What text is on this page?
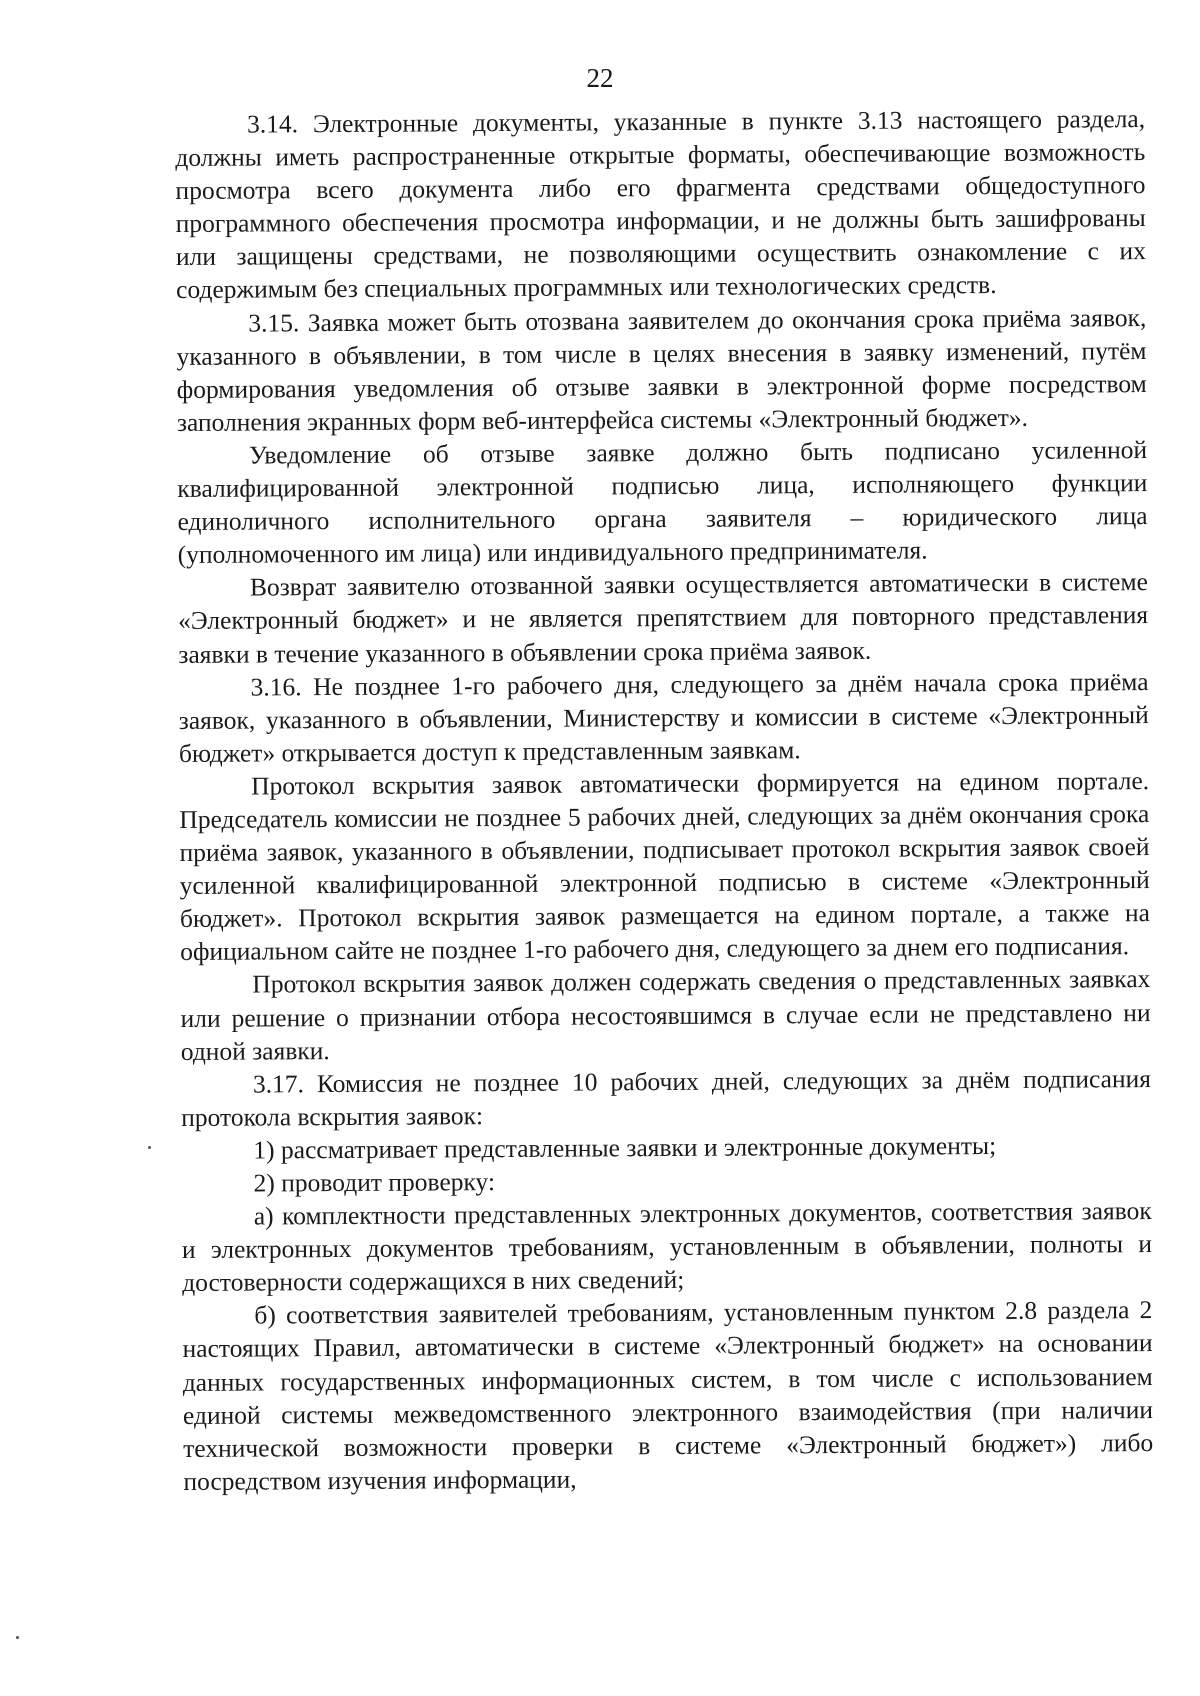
22

3.14. Электронные документы, указанные в пункте 3.13 настоящего раздела, должны иметь распространенные открытые форматы, обеспечивающие возможность просмотра всего документа либо его фрагмента средствами общедоступного программного обеспечения просмотра информации, и не должны быть зашифрованы или защищены средствами, не позволяющими осуществить ознакомление с их содержимым без специальных программных или технологических средств.

3.15. Заявка может быть отозвана заявителем до окончания срока приёма заявок, указанного в объявлении, в том числе в целях внесения в заявку изменений, путём формирования уведомления об отзыве заявки в электронной форме посредством заполнения экранных форм веб-интерфейса системы «Электронный бюджет».

Уведомление об отзыве заявке должно быть подписано усиленной квалифицированной электронной подписью лица, исполняющего функции единоличного исполнительного органа заявителя – юридического лица (уполномоченного им лица) или индивидуального предпринимателя.

Возврат заявителю отозванной заявки осуществляется автоматически в системе «Электронный бюджет» и не является препятствием для повторного представления заявки в течение указанного в объявлении срока приёма заявок.

3.16. Не позднее 1-го рабочего дня, следующего за днём начала срока приёма заявок, указанного в объявлении, Министерству и комиссии в системе «Электронный бюджет» открывается доступ к представленным заявкам.

Протокол вскрытия заявок автоматически формируется на едином портале. Председатель комиссии не позднее 5 рабочих дней, следующих за днём окончания срока приёма заявок, указанного в объявлении, подписывает протокол вскрытия заявок своей усиленной квалифицированной электронной подписью в системе «Электронный бюджет». Протокол вскрытия заявок размещается на едином портале, а также на официальном сайте не позднее 1-го рабочего дня, следующего за днем его подписания.

Протокол вскрытия заявок должен содержать сведения о представленных заявках или решение о признании отбора несостоявшимся в случае если не представлено ни одной заявки.

3.17. Комиссия не позднее 10 рабочих дней, следующих за днём подписания протокола вскрытия заявок:

1) рассматривает представленные заявки и электронные документы;

2) проводит проверку:

а) комплектности представленных электронных документов, соответствия заявок и электронных документов требованиям, установленным в объявлении, полноты и достоверности содержащихся в них сведений;

б) соответствия заявителей требованиям, установленным пунктом 2.8 раздела 2 настоящих Правил, автоматически в системе «Электронный бюджет» на основании данных государственных информационных систем, в том числе с использованием единой системы межведомственного электронного взаимодействия (при наличии технической возможности проверки в системе «Электронный бюджет») либо посредством изучения информации,
